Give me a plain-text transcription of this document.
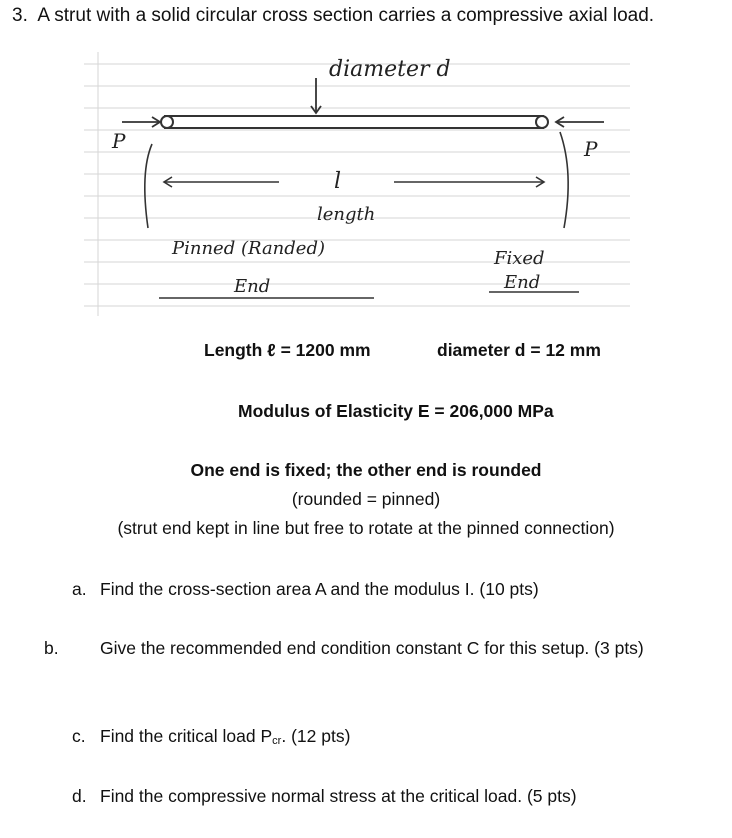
3. A strut with a solid circular cross section carries a compressive axial load.
diameter d
P	P
l
length
Pinned (Randed)
End
Fixed
End
Length ℓ = 1200 mm	diameter d = 12 mm
Modulus of Elasticity E = 206,000 MPa
One end is fixed; the other end is rounded
(rounded = pinned)
(strut end kept in line but free to rotate at the pinned connection)
a. Find the cross-section area A and the modulus I. (10 pts)
b. Give the recommended end condition constant C for this setup. (3 pts)
c. Find the critical load $P_{cr}$. (12 pts)
d. Find the compressive normal stress at the critical load. (5 pts)
